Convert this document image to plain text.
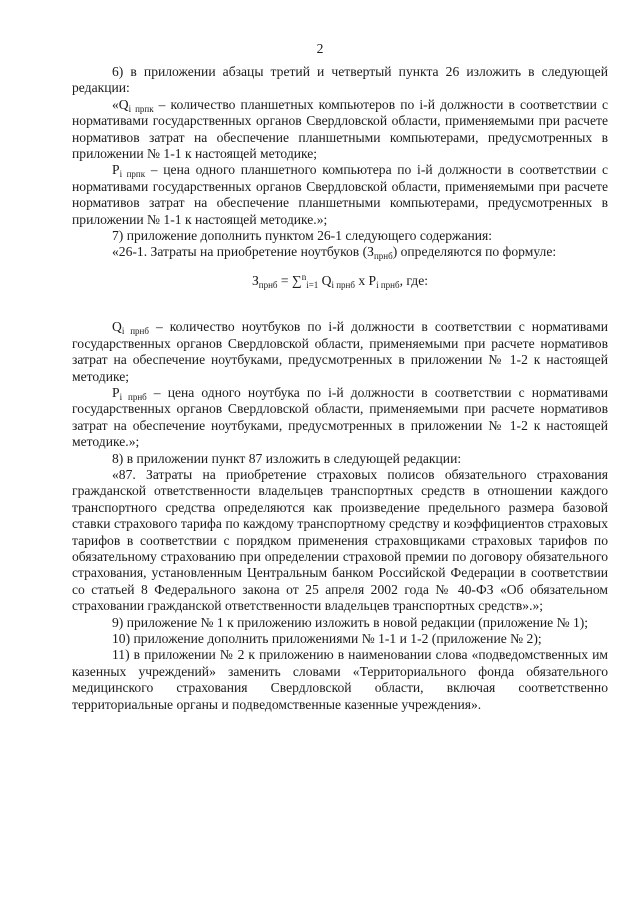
2

6) в приложении абзацы третий и четвертый пункта 26 изложить в следующей редакции:

«$Q_{i прпк}$ – количество планшетных компьютеров по i-й должности в соответствии с нормативами государственных органов Свердловской области, применяемыми при расчете нормативов затрат на обеспечение планшетными компьютерами, предусмотренных в приложении № 1-1 к настоящей методике;

$P_{i прпк}$ – цена одного планшетного компьютера по i-й должности в соответствии с нормативами государственных органов Свердловской области, применяемыми при расчете нормативов затрат на обеспечение планшетными компьютерами, предусмотренных в приложении № 1-1 к настоящей методике.»;

7) приложение дополнить пунктом 26-1 следующего содержания:

«26-1. Затраты на приобретение ноутбуков $(З_{прнб})$ определяются по формуле:

$З_{прнб} = \sum^n_{i=1}$ $Q_{i прнб}$ x $P_{i прнб}$, где:

$Q_{i прнб}$ – количество ноутбуков по i-й должности в соответствии с нормативами государственных органов Свердловской области, применяемыми при расчете нормативов затрат на обеспечение ноутбуками, предусмотренных в приложении № 1-2 к настоящей методике;

$P_{i прнб}$ – цена одного ноутбука по i-й должности в соответствии с нормативами государственных органов Свердловской области, применяемыми при расчете нормативов затрат на обеспечение ноутбуками, предусмотренных в приложении № 1-2 к настоящей методике.»;

8) в приложении пункт 87 изложить в следующей редакции:

«87. Затраты на приобретение страховых полисов обязательного страхования гражданской ответственности владельцев транспортных средств в отношении каждого транспортного средства определяются как произведение предельного размера базовой ставки страхового тарифа по каждому транспортному средству и коэффициентов страховых тарифов в соответствии с порядком применения страховщиками страховых тарифов по обязательному страхованию при определении страховой премии по договору обязательного страхования, установленным Центральным банком Российской Федерации в соответствии со статьей 8 Федерального закона от 25 апреля 2002 года № 40-ФЗ «Об обязательном страховании гражданской ответственности владельцев транспортных средств».»;

9) приложение № 1 к приложению изложить в новой редакции (приложение № 1);

10) приложение дополнить приложениями № 1-1 и 1-2 (приложение № 2);

11) в приложении № 2 к приложению в наименовании слова «подведомственных им казенных учреждений» заменить словами «Территориального фонда обязательного медицинского страхования Свердловской области, включая соответственно территориальные органы и подведомственные казенные учреждения».
